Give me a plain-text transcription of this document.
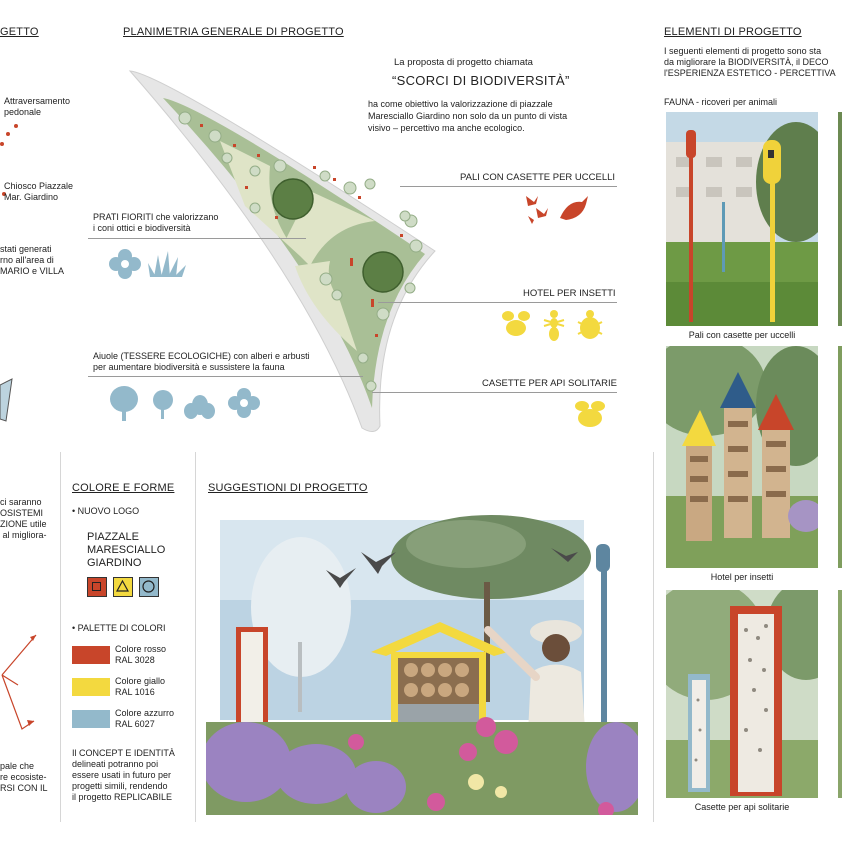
GETTO
Attraversamento
pedonale
Chiosco Piazzale
Mar. Giardino
stati generati
rno all'area di
MARIO e VILLA
ci saranno
OSISTEMI
ZIONE utile
al migliora-
pale che
re ecosiste-
RSI CON IL
PLANIMETRIA GENERALE DI PROGETTO
La proposta di progetto chiamata
“SCORCI DI BIODIVERSITÀ”
ha come obiettivo la valorizzazione di piazzale
Maresciallo Giardino non solo da un punto di vista
visivo – percettivo ma anche ecologico.
PRATI FIORITI che valorizzano
i coni ottici e biodiversità
Aiuole (TESSERE ECOLOGICHE) con alberi e arbusti
per aumentare biodiversità e sussistere la fauna
PALI CON CASETTE PER UCCELLI
HOTEL PER INSETTI
CASETTE PER API SOLITARIE
COLORE E FORME
• NUOVO LOGO
PIAZZALE
MARESCIALLO
GIARDINO
• PALETTE DI COLORI
Colore rosso
RAL 3028
Colore giallo
RAL 1016
Colore azzurro
RAL 6027
Il CONCEPT E IDENTITÀ
delineati potranno poi
essere usati in futuro per
progetti simili, rendendo
il progetto REPLICABILE
SUGGESTIONI DI PROGETTO
ELEMENTI DI PROGETTO
I seguenti elementi di progetto sono sta
da migliorare la BIODIVERSITÀ, il DECO
l'ESPERIENZA ESTETICO - PERCETTIVA
FAUNA - ricoveri per animali
Pali con casette per uccelli
Hotel per insetti
Casette per api solitarie
